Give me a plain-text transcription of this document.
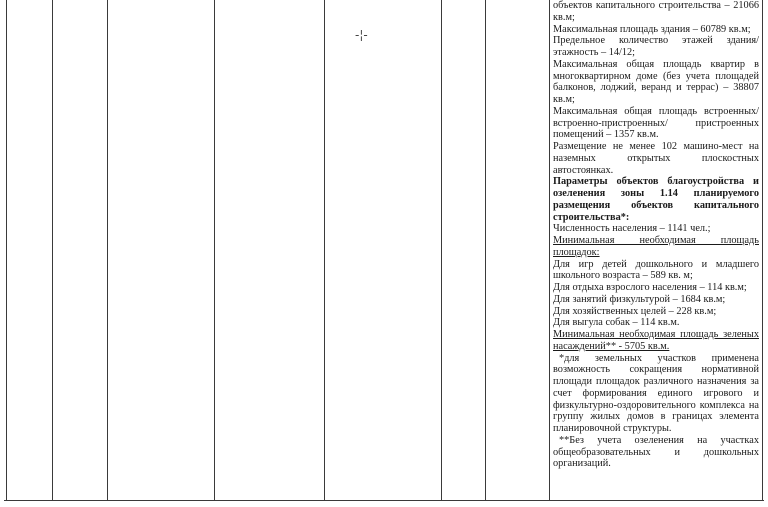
-¦-

объектов капитального строительства – 21066 кв.м;

Максимальная площадь здания – 60789 кв.м;

Предельное количество этажей здания/ этажность – 14/12;

Максимальная общая площадь квартир в многоквартирном доме (без учета площадей балконов, лоджий, веранд и террас) – 38807 кв.м;

Максимальная общая площадь встроенных/ встроенно-пристроенных/ пристроенных помещений – 1357 кв.м.

Размещение не менее 102 машино-мест на наземных открытых плоскостных автостоянках.

Параметры объектов благоустройства и озеленения зоны 1.14 планируемого размещения объектов капитального строительства*:

Численность населения – 1141 чел.;

Минимальная необходимая площадь площадок:

Для игр детей дошкольного и младшего школьного возраста – 589 кв. м;

Для отдыха взрослого населения – 114 кв.м;

Для занятий физкультурой – 1684 кв.м;

Для хозяйственных целей – 228 кв.м;

Для выгула собак – 114 кв.м.

Минимальная необходимая площадь зеленых насаждений** - 5705 кв.м.

*для земельных участков применена возможность сокращения нормативной площади площадок различного назначения за счет формирования единого игрового и физкультурно-оздоровительного комплекса на группу жилых домов в границах элемента планировочной структуры.

**Без учета озеленения на участках общеобразовательных и дошкольных организаций.
